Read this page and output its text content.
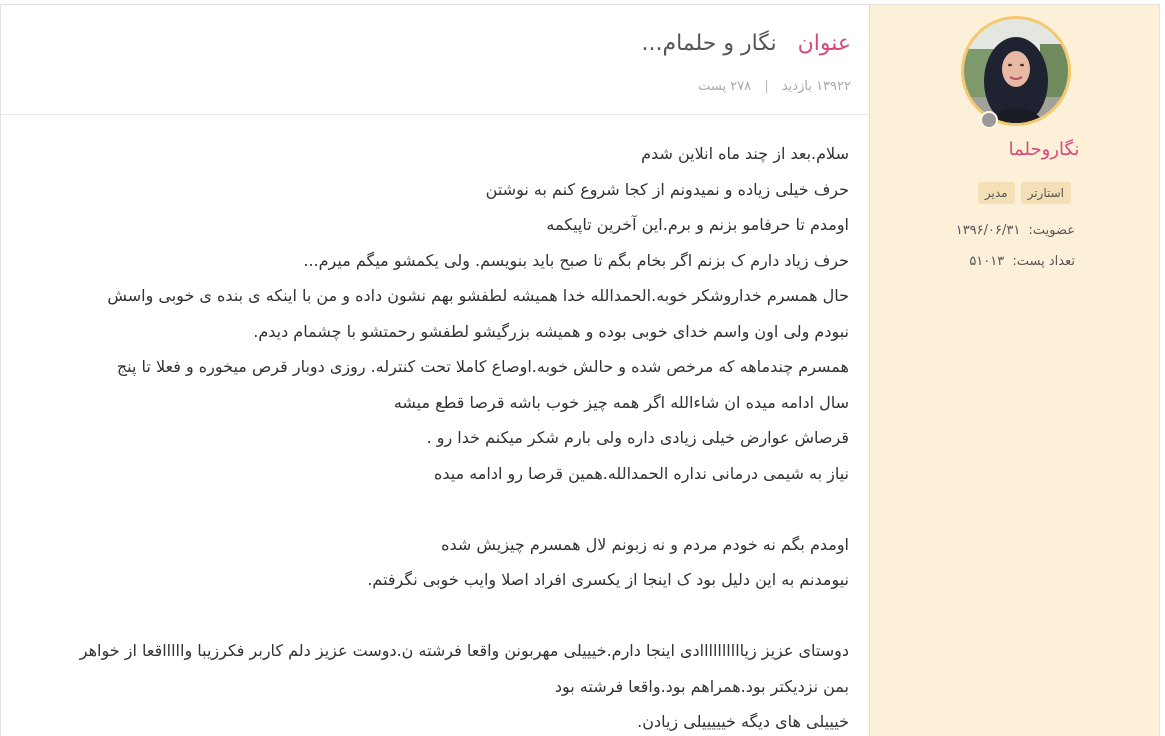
نگاروحلما
استارتر
مدیر
عضویت: ۱۳۹۶/۰۶/۳۱
تعداد پست: ۵۱۰۱۳
عنوان نگار و حلمام...
۱۳۹۲۲ بازدید | ۲۷۸ پست

سلام.بعد از چند ماه انلاین شدم

حرف خیلی زیاده و نمیدونم از کجا شروع کنم به نوشتن

اومدم تا حرفامو بزنم و برم.این آخرین تاپیکمه

حرف زیاد دارم ک بزنم اگر بخام بگم تا صبح باید بنویسم. ولی یکمشو میگم میرم...

حال همسرم خداروشکر خوبه.الحمدالله خدا همیشه لطفشو بهم نشون داده و من با اینکه ی بنده ی خوبی واسش

نبودم ولی اون واسم خدای خوبی بوده و همیشه بزرگیشو لطفشو رحمتشو با چشمام دیدم.

همسرم چندماهه که مرخص شده و حالش خوبه.اوصاع کاملا تحت کنترله. روزی دوبار قرص میخوره و فعلا تا پنج

سال ادامه میده ان شاءالله اگر همه چیز خوب باشه قرصا قطع میشه

قرصاش عوارض خیلی زیادی داره ولی بارم شکر میکنم خدا رو .

نیاز به شیمی درمانی نداره الحمدالله.همین قرصا رو ادامه میده

اومدم بگم نه خودم مردم و نه زبونم لال همسرم چیزیش شده

نیومدنم به این دلیل بود ک اینجا از یکسری افراد اصلا وایب خوبی نگرفتم.

دوستای عزیز زیاااااااااادی اینجا دارم.خیییلی مهربونن واقعا فرشته ن.دوست عزیز دلم کاربر فکرزیبا واااااقعا از خواهر

بمن نزدیکتر بود.همراهم بود.واقعا فرشته بود

خیییلی های دیگه خیییییلی زیادن.
